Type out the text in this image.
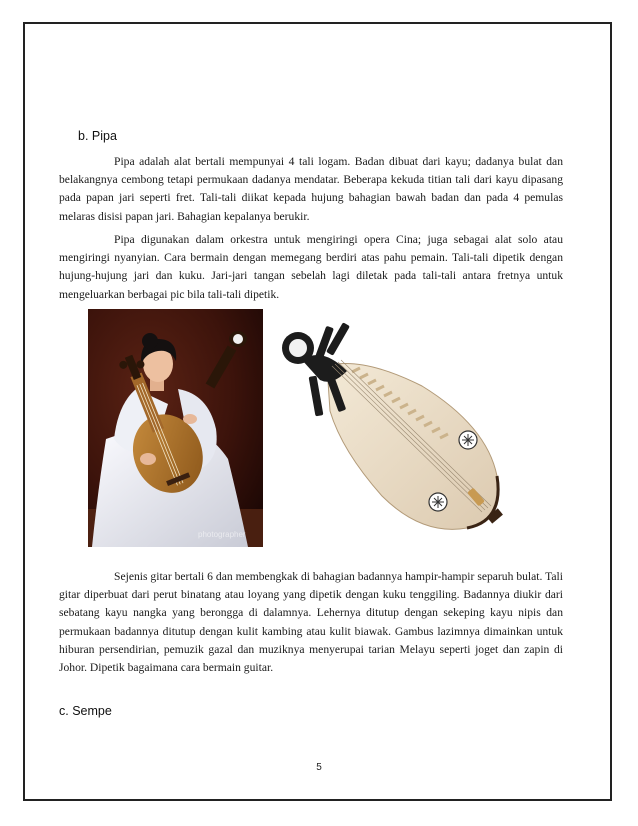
b. Pipa

Pipa adalah alat bertali mempunyai 4 tali logam. Badan dibuat dari kayu; dadanya bulat dan belakangnya cembong tetapi permukaan dadanya mendatar. Beberapa kekuda titian tali dari kayu dipasang pada papan jari seperti fret. Tali-tali diikat kepada hujung bahagian bawah badan dan pada 4 pemulas melaras disisi papan jari. Bahagian kepalanya berukir.

Pipa digunakan dalam orkestra untuk mengiringi opera Cina; juga sebagai alat solo atau mengiringi nyanyian. Cara bermain dengan memegang berdiri atas pahu pemain. Tali-tali dipetik dengan hujung-hujung jari dan kuku. Jari-jari tangan sebelah lagi diletak pada tali-tali antara fretnya untuk mengeluarkan berbagai pic bila tali-tali dipetik.

photographer

Sejenis gitar bertali 6 dan membengkak di bahagian badannya hampir-hampir separuh bulat. Tali gitar diperbuat dari perut binatang atau loyang yang dipetik dengan kuku tenggiling. Badannya diukir dari sebatang kayu nangka yang berongga di dalamnya. Lehernya ditutup dengan sekeping kayu nipis dan permukaan badannya ditutup dengan kulit kambing atau kulit biawak. Gambus lazimnya dimainkan untuk hiburan persendirian, pemuzik gazal dan muziknya menyerupai tarian Melayu seperti joget dan zapin di Johor. Dipetik bagaimana cara bermain guitar.

c. Sempe
5
